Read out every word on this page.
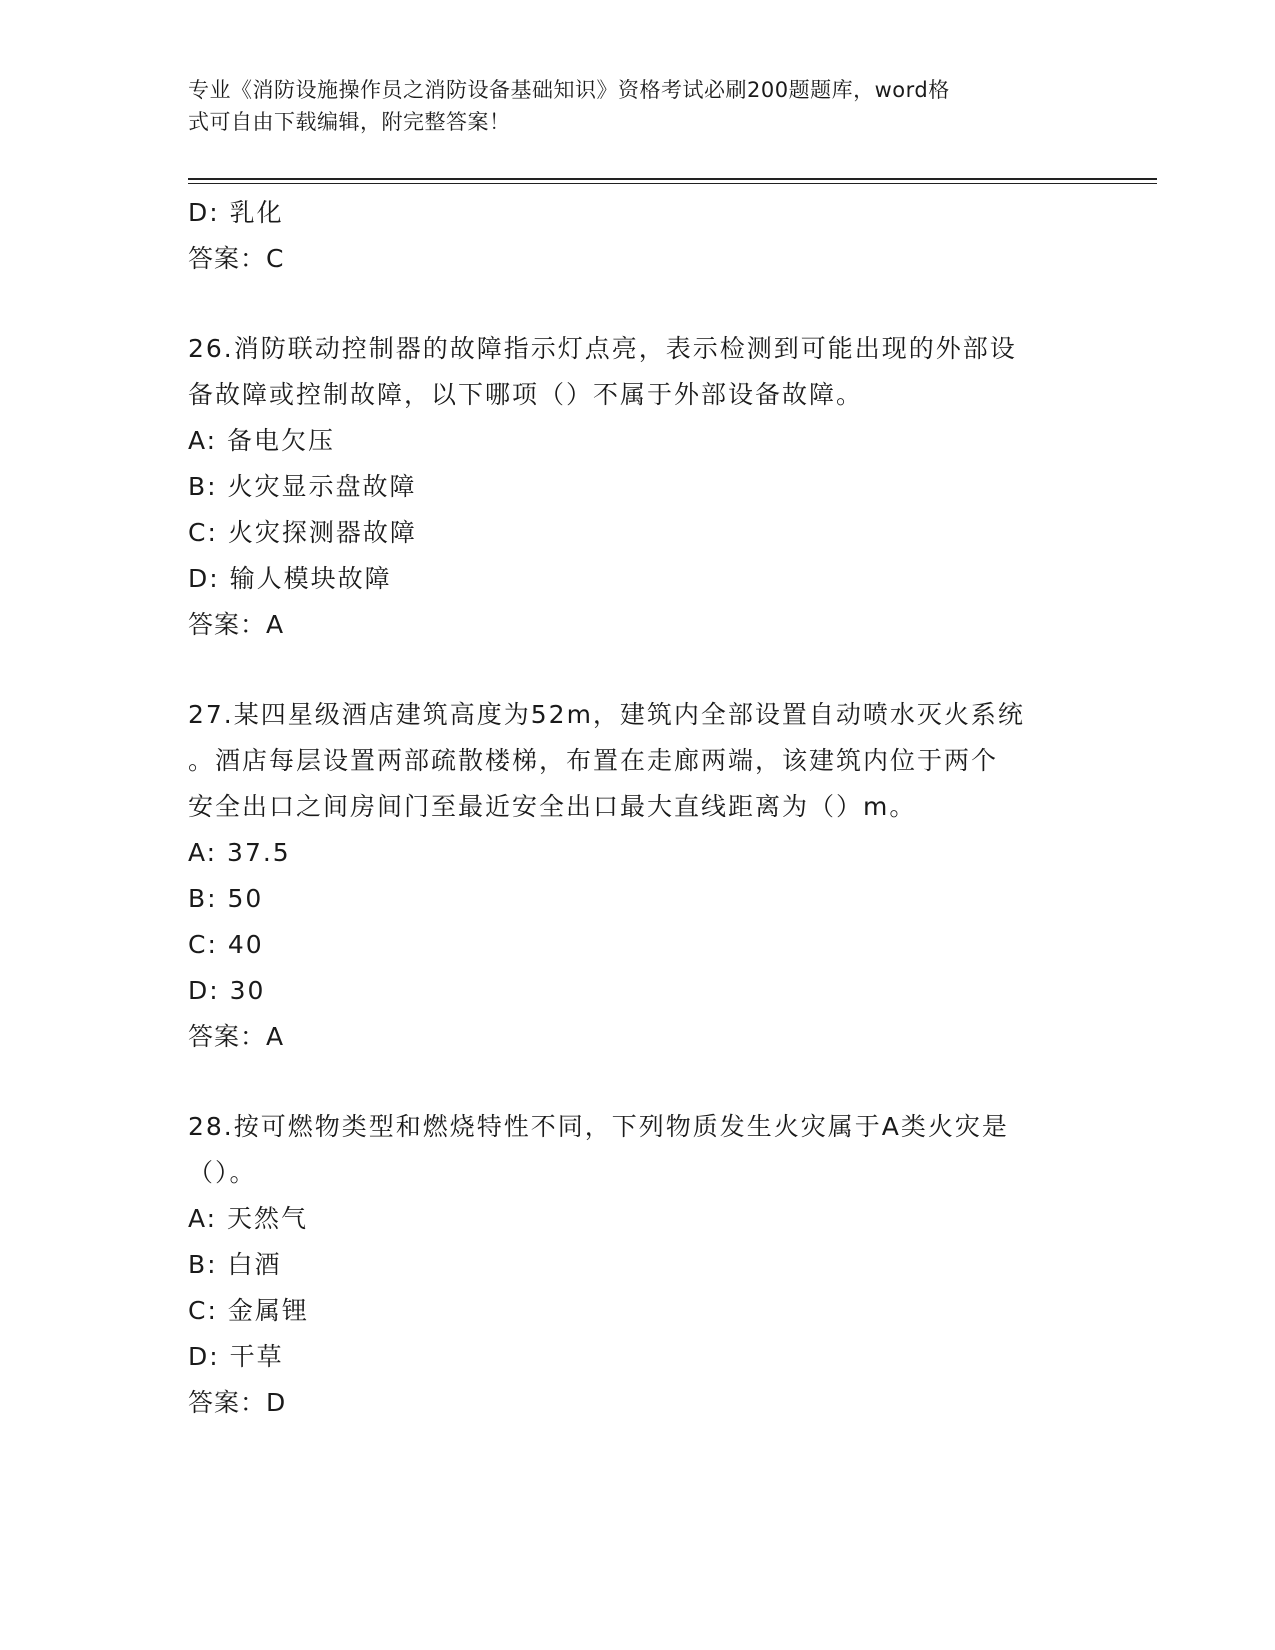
专业《消防设施操作员之消防设备基础知识》资格考试必刷200题题库，word格
式可自由下载编辑，附完整答案！
D: 乳化
答案：C
26.消防联动控制器的故障指示灯点亮，表示检测到可能出现的外部设
备故障或控制故障，以下哪项（）不属于外部设备故障。
A: 备电欠压
B: 火灾显示盘故障
C: 火灾探测器故障
D: 输人模块故障
答案：A
27.某四星级酒店建筑高度为52m，建筑内全部设置自动喷水灭火系统
。酒店每层设置两部疏散楼梯，布置在走廊两端，该建筑内位于两个
安全出口之间房间门至最近安全出口最大直线距离为（）m。
A: 37.5
B: 50
C: 40
D: 30
答案：A
28.按可燃物类型和燃烧特性不同，下列物质发生火灾属于A类火灾是
（）。
A: 天然气
B: 白酒
C: 金属锂
D: 干草
答案：D
